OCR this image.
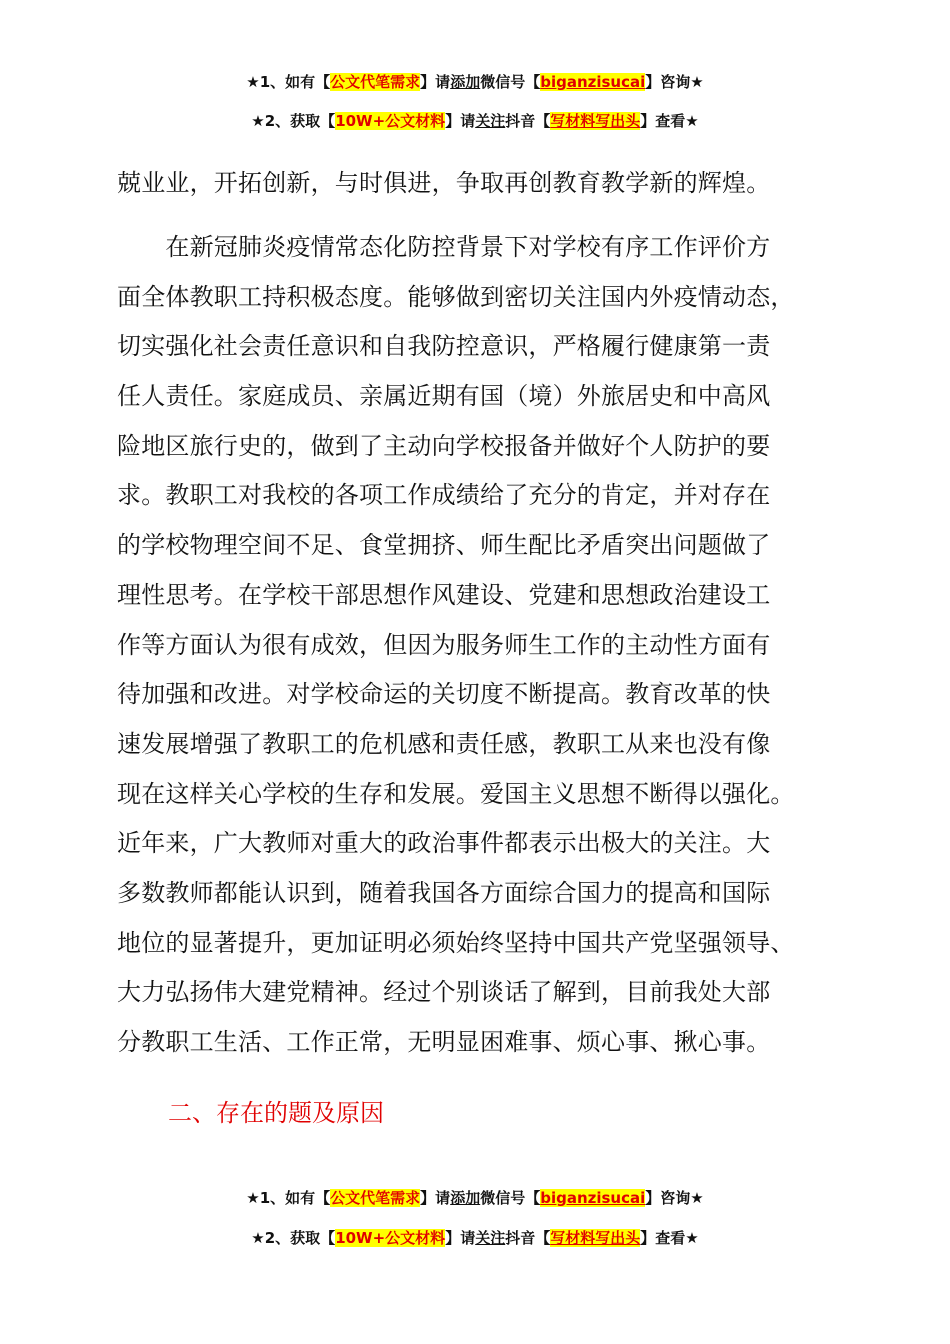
★1、如有【公文代笔需求】请添加微信号【biganzisucai】咨询★
★2、获取【10W+公文材料】请关注抖音【写材料写出头】查看★
兢业业，开拓创新，与时俱进，争取再创教育教学新的辉煌。
　　在新冠肺炎疫情常态化防控背景下对学校有序工作评价方
面全体教职工持积极态度。能够做到密切关注国内外疫情动态，
切实强化社会责任意识和自我防控意识，严格履行健康第一责
任人责任。家庭成员、亲属近期有国（境）外旅居史和中高风
险地区旅行史的，做到了主动向学校报备并做好个人防护的要
求。教职工对我校的各项工作成绩给了充分的肯定，并对存在
的学校物理空间不足、食堂拥挤、师生配比矛盾突出问题做了
理性思考。在学校干部思想作风建设、党建和思想政治建设工
作等方面认为很有成效，但因为服务师生工作的主动性方面有
待加强和改进。对学校命运的关切度不断提高。教育改革的快
速发展增强了教职工的危机感和责任感，教职工从来也没有像
现在这样关心学校的生存和发展。爱国主义思想不断得以强化。
近年来，广大教师对重大的政治事件都表示出极大的关注。大
多数教师都能认识到，随着我国各方面综合国力的提高和国际
地位的显著提升，更加证明必须始终坚持中国共产党坚强领导、
大力弘扬伟大建党精神。经过个别谈话了解到，目前我处大部
分教职工生活、工作正常，无明显困难事、烦心事、揪心事。
二、存在的题及原因
★1、如有【公文代笔需求】请添加微信号【biganzisucai】咨询★
★2、获取【10W+公文材料】请关注抖音【写材料写出头】查看★
